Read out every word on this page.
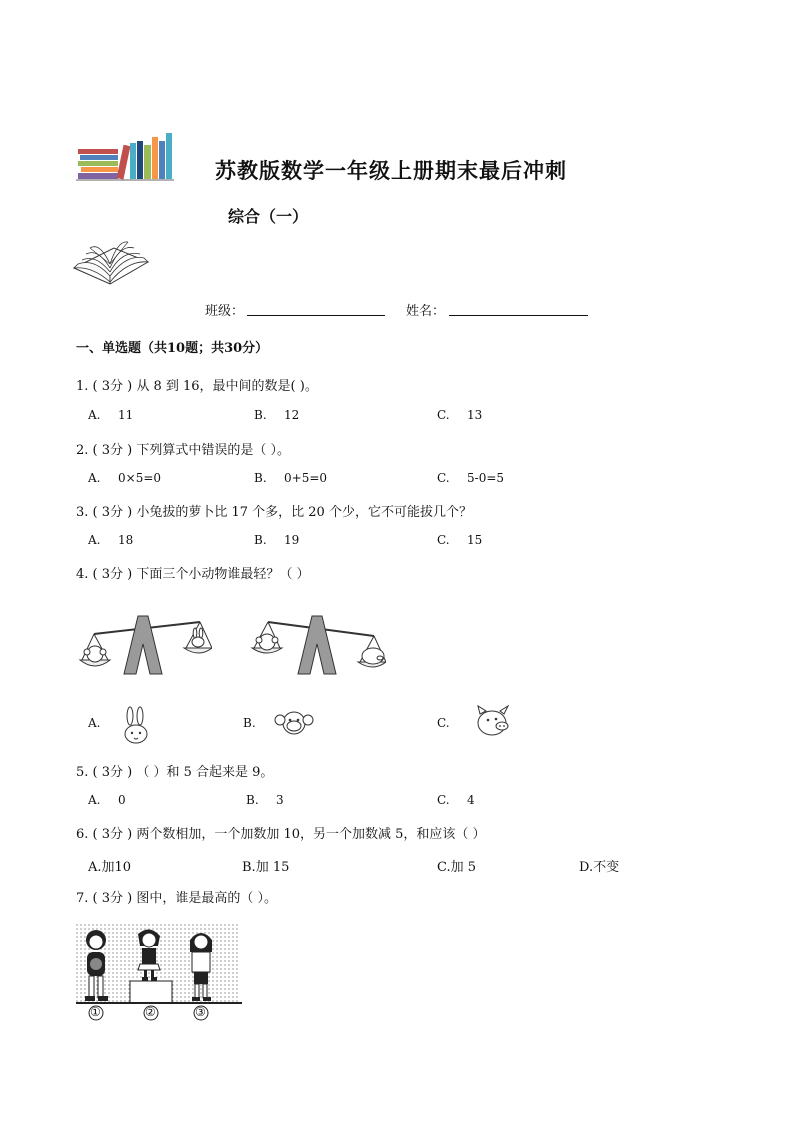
苏教版数学一年级上册期末最后冲刺
综合（一）
班级：	姓名：
一、单选题（共10题；共30分）
1. ( 3分 ) 从 8 到 16，最中间的数是( )。
A. 11	B. 12	C. 13
2. ( 3分 ) 下列算式中错误的是（ ）。
A. 0×5=0	B. 0+5=0	C. 5-0=5
3. ( 3分 ) 小兔拔的萝卜比 17 个多，比 20 个少，它不可能拔几个？
A. 18	B. 19	C. 15
4. ( 3分 ) 下面三个小动物谁最轻？（ ）
A.	B.	C.
5. ( 3分 ) （ ）和 5 合起来是 9。
A. 0	B. 3	C. 4
6. ( 3分 ) 两个数相加，一个加数加 10，另一个加数减 5，和应该（ ）
A.加10	B.加 15	C.加 5	D.不变
7. ( 3分 ) 图中，谁是最高的（ ）。
①	②	③
